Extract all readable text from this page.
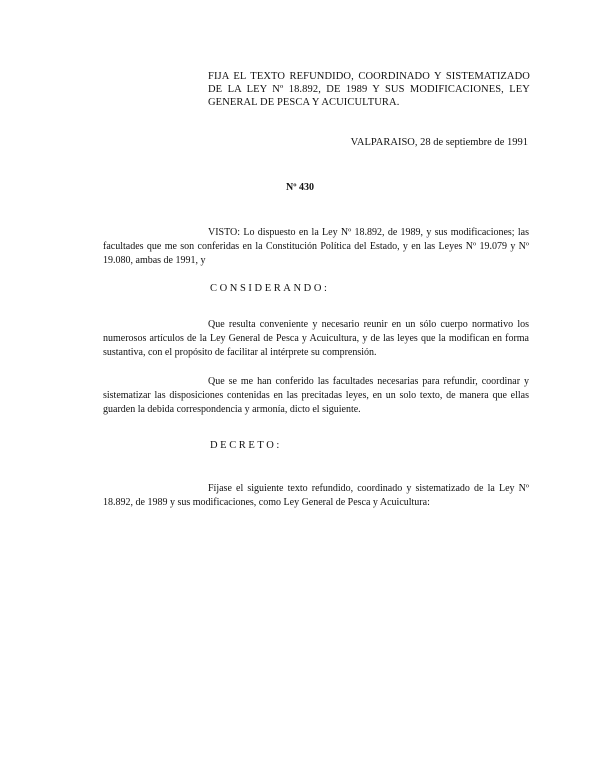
FIJA EL TEXTO REFUNDIDO, COORDINADO Y SISTEMATIZADO DE LA LEY Nº 18.892, DE 1989 Y SUS MODIFICACIONES, LEY GENERAL DE PESCA Y ACUICULTURA.
VALPARAISO, 28 de septiembre de 1991
Nº 430

VISTO: Lo dispuesto en la Ley Nº 18.892, de 1989, y sus modificaciones; las facultades que me son conferidas en la Constitución Política del Estado, y en las Leyes Nº 19.079 y Nº 19.080, ambas de 1991, y

CONSIDERANDO:

Que resulta conveniente y necesario reunir en un sólo cuerpo normativo los numerosos artículos de la Ley General de Pesca y Acuicultura, y de las leyes que la modifican en forma sustantiva, con el propósito de facilitar al intérprete su comprensión.

Que se me han conferido las facultades necesarias para refundir, coordinar y sistematizar las disposiciones contenidas en las precitadas leyes, en un solo texto, de manera que ellas guarden la debida correspondencia y armonía, dicto el siguiente.

DECRETO:

Fíjase el siguiente texto refundido, coordinado y sistematizado de la Ley Nº 18.892, de 1989 y sus modificaciones, como Ley General de Pesca y Acuicultura:
